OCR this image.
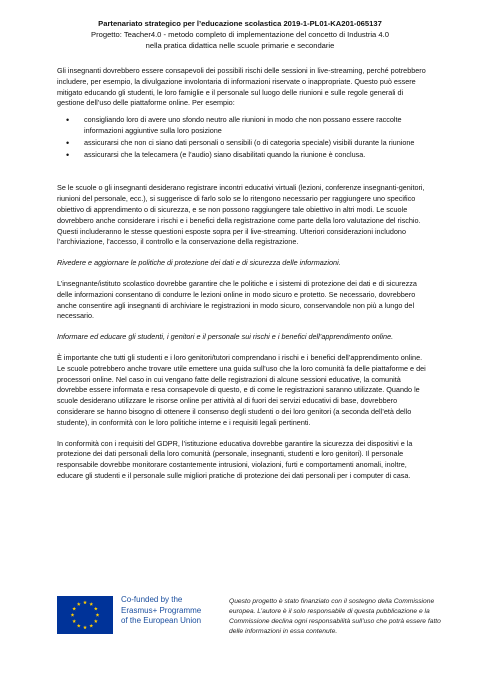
Partenariato strategico per l’educazione scolastica 2019-1-PL01-KA201-065137
Progetto: Teacher4.0 - metodo completo di implementazione del concetto di Industria 4.0
nella pratica didattica nelle scuole primarie e secondarie

Gli insegnanti dovrebbero essere consapevoli dei possibili rischi delle sessioni in live-streaming, perché potrebbero includere, per esempio, la divulgazione involontaria di informazioni riservate o inappropriate. Questo può essere mitigato educando gli studenti, le loro famiglie e il personale sul luogo delle riunioni e sulle regole generali di gestione dell’uso delle piattaforme online. Per esempio:

• consigliando loro di avere uno sfondo neutro alle riunioni in modo che non possano essere raccolte informazioni aggiuntive sulla loro posizione
• assicurarsi che non ci siano dati personali o sensibili (o di categoria speciale) visibili durante la riunione
• assicurarsi che la telecamera (e l’audio) siano disabilitati quando la riunione è conclusa.

Se le scuole o gli insegnanti desiderano registrare incontri educativi virtuali (lezioni, conferenze insegnanti-genitori, riunioni del personale, ecc.), si suggerisce di farlo solo se lo ritengono necessario per raggiungere uno specifico obiettivo di apprendimento o di sicurezza, e se non possono raggiungere tale obiettivo in altri modi. Le scuole dovrebbero anche considerare i rischi e i benefici della registrazione come parte della loro valutazione del rischio. Questi includeranno le stesse questioni esposte sopra per il live-streaming. Ulteriori considerazioni includono l’archiviazione, l’accesso, il controllo e la conservazione della registrazione.

Rivedere e aggiornare le politiche di protezione dei dati e di sicurezza delle informazioni.

L’insegnante/istituto scolastico dovrebbe garantire che le politiche e i sistemi di protezione dei dati e di sicurezza delle informazioni consentano di condurre le lezioni online in modo sicuro e protetto. Se necessario, dovrebbero anche consentire agli insegnanti di archiviare le registrazioni in modo sicuro, conservandole non più a lungo del necessario.

Informare ed educare gli studenti, i genitori e il personale sui rischi e i benefici dell’apprendimento online.

È importante che tutti gli studenti e i loro genitori/tutori comprendano i rischi e i benefici dell’apprendimento online. Le scuole potrebbero anche trovare utile emettere una guida sull’uso che la loro comunità fa delle piattaforme e dei processori online. Nel caso in cui vengano fatte delle registrazioni di alcune sessioni educative, la comunità dovrebbe essere informata e resa consapevole di questo, e di come le registrazioni saranno utilizzate. Quando le scuole desiderano utilizzare le risorse online per attività al di fuori dei servizi educativi di base, dovrebbero considerare se hanno bisogno di ottenere il consenso degli studenti o dei loro genitori (a seconda dell’età dello studente), in conformità con le loro politiche interne e i requisiti legali pertinenti.

In conformità con i requisiti del GDPR, l’istituzione educativa dovrebbe garantire la sicurezza dei dispositivi e la protezione dei dati personali della loro comunità (personale, insegnanti, studenti e loro genitori). Il personale responsabile dovrebbe monitorare costantemente intrusioni, violazioni, furti e comportamenti anomali, inoltre, educare gli studenti e il personale sulle migliori pratiche di protezione dei dati personali per i computer di casa.

Co-funded by the
Erasmus+ Programme
of the European Union
Questo progetto è stato finanziato con il sostegno della Commissione europea. L’autore è il solo responsabile di questa pubblicazione e la Commissione declina ogni responsabilità sull’uso che potrà essere fatto delle informazioni in essa contenute.
